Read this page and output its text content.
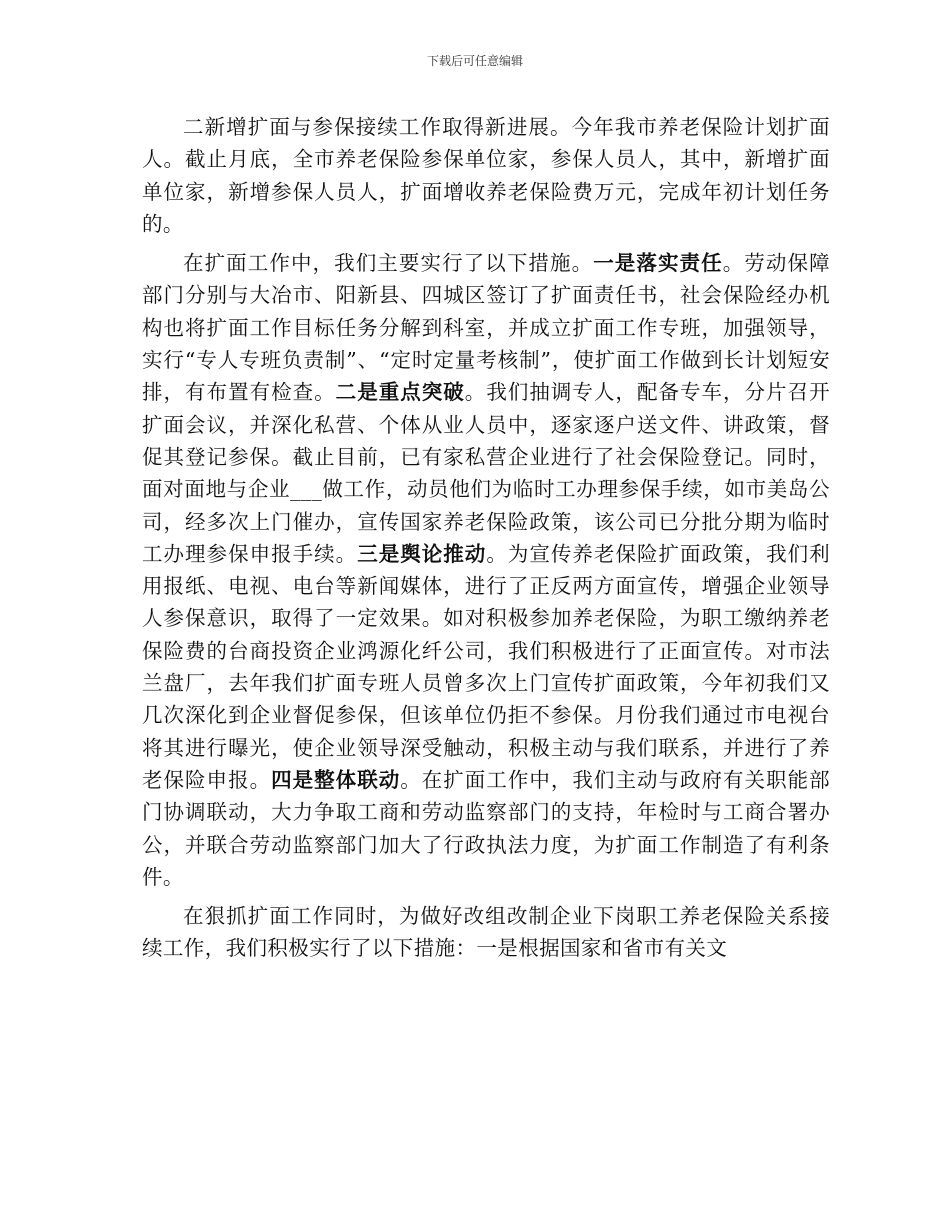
下载后可任意编辑

二新增扩面与参保接续工作取得新进展。今年我市养老保险计划扩面人。截止月底，全市养老保险参保单位家，参保人员人，其中，新增扩面单位家，新增参保人员人，扩面增收养老保险费万元，完成年初计划任务的。

在扩面工作中，我们主要实行了以下措施。一是落实责任。劳动保障部门分别与大冶市、阳新县、四城区签订了扩面责任书，社会保险经办机构也将扩面工作目标任务分解到科室，并成立扩面工作专班，加强领导，实行“专人专班负责制”、“定时定量考核制”，使扩面工作做到长计划短安排，有布置有检查。二是重点突破。我们抽调专人，配备专车，分片召开扩面会议，并深化私营、个体从业人员中，逐家逐户送文件、讲政策，督促其登记参保。截止目前，已有家私营企业进行了社会保险登记。同时，面对面地与企业___做工作，动员他们为临时工办理参保手续，如市美岛公司，经多次上门催办，宣传国家养老保险政策，该公司已分批分期为临时工办理参保申报手续。三是舆论推动。为宣传养老保险扩面政策，我们利用报纸、电视、电台等新闻媒体，进行了正反两方面宣传，增强企业领导人参保意识，取得了一定效果。如对积极参加养老保险，为职工缴纳养老保险费的台商投资企业鸿源化纤公司，我们积极进行了正面宣传。对市法兰盘厂，去年我们扩面专班人员曾多次上门宣传扩面政策，今年初我们又几次深化到企业督促参保，但该单位仍拒不参保。月份我们通过市电视台将其进行曝光，使企业领导深受触动，积极主动与我们联系，并进行了养老保险申报。四是整体联动。在扩面工作中，我们主动与政府有关职能部门协调联动，大力争取工商和劳动监察部门的支持，年检时与工商合署办公，并联合劳动监察部门加大了行政执法力度，为扩面工作制造了有利条件。

在狠抓扩面工作同时，为做好改组改制企业下岗职工养老保险关系接续工作，我们积极实行了以下措施：一是根据国家和省市有关文
